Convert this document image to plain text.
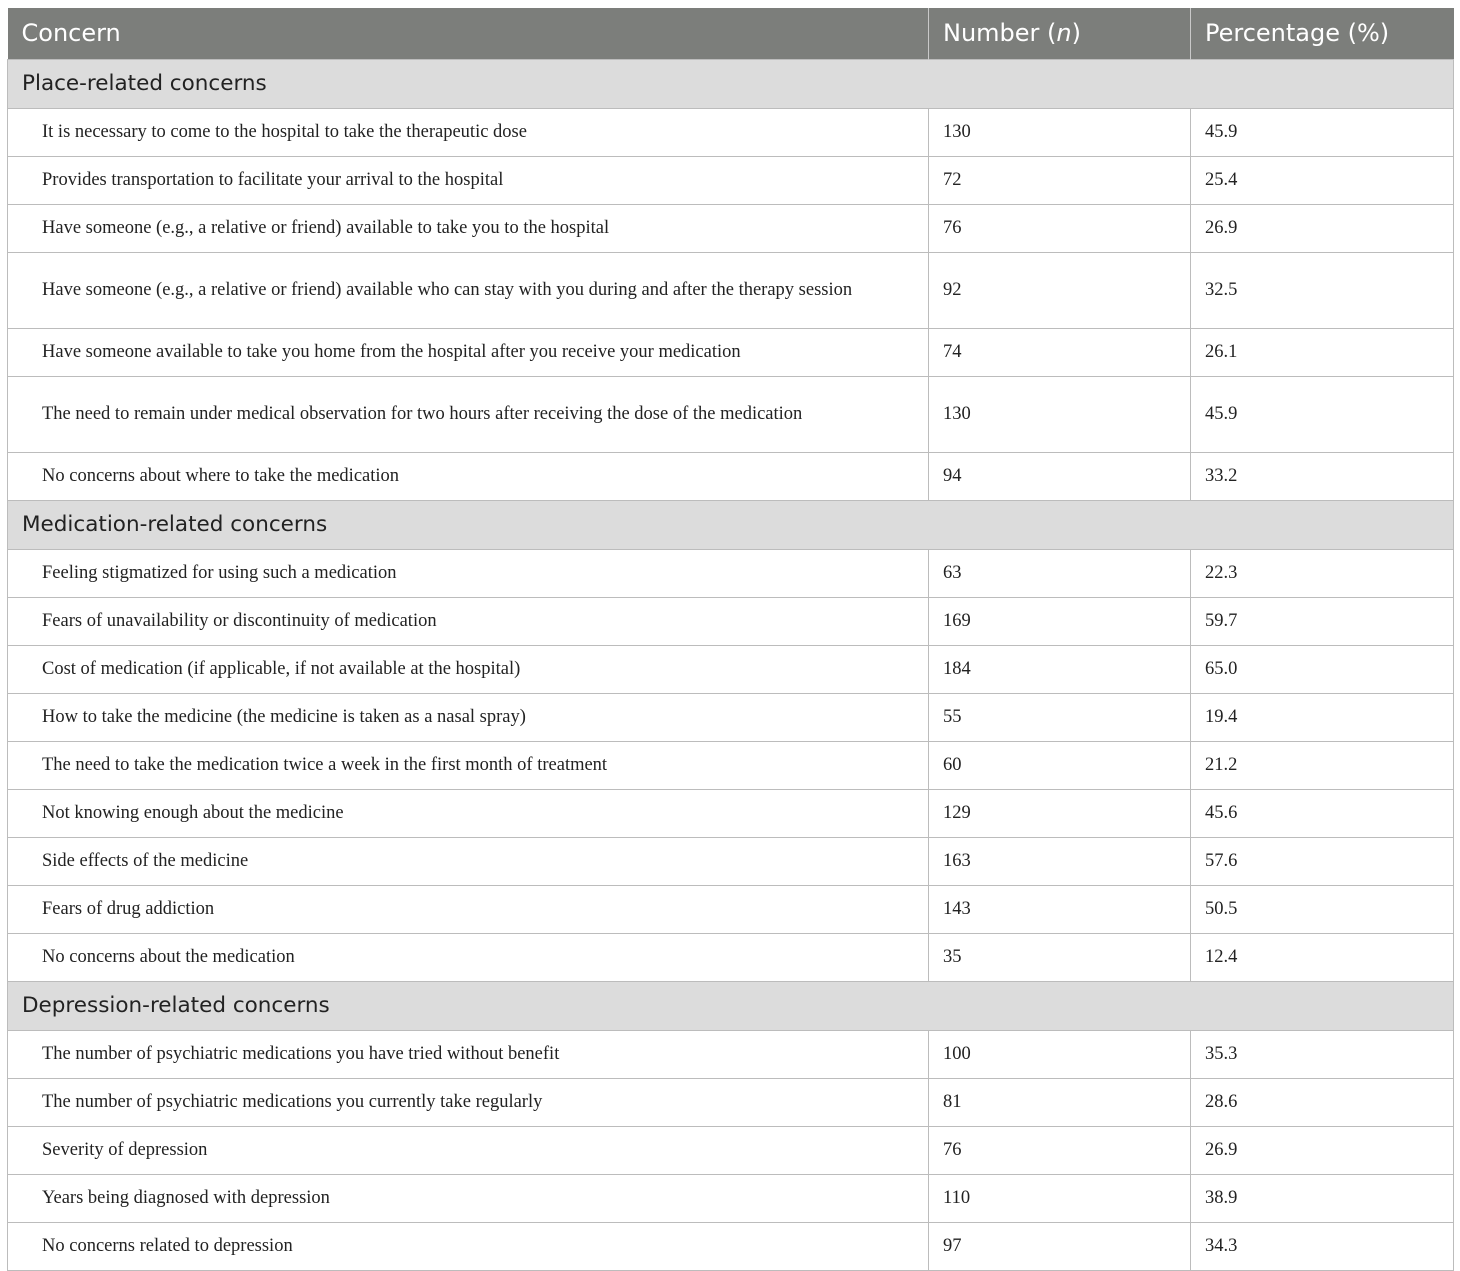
Concern	Number (n)	Percentage (%)
Place-related concerns		
It is necessary to come to the hospital to take the therapeutic dose	130	45.9
Provides transportation to facilitate your arrival to the hospital	72	25.4
Have someone (e.g., a relative or friend) available to take you to the hospital	76	26.9
Have someone (e.g., a relative or friend) available who can stay with you during and after the therapy session	92	32.5
Have someone available to take you home from the hospital after you receive your medication	74	26.1
The need to remain under medical observation for two hours after receiving the dose of the medication	130	45.9
No concerns about where to take the medication	94	33.2
Medication-related concerns		
Feeling stigmatized for using such a medication	63	22.3
Fears of unavailability or discontinuity of medication	169	59.7
Cost of medication (if applicable, if not available at the hospital)	184	65.0
How to take the medicine (the medicine is taken as a nasal spray)	55	19.4
The need to take the medication twice a week in the first month of treatment	60	21.2
Not knowing enough about the medicine	129	45.6
Side effects of the medicine	163	57.6
Fears of drug addiction	143	50.5
No concerns about the medication	35	12.4
Depression-related concerns		
The number of psychiatric medications you have tried without benefit	100	35.3
The number of psychiatric medications you currently take regularly	81	28.6
Severity of depression	76	26.9
Years being diagnosed with depression	110	38.9
No concerns related to depression	97	34.3
